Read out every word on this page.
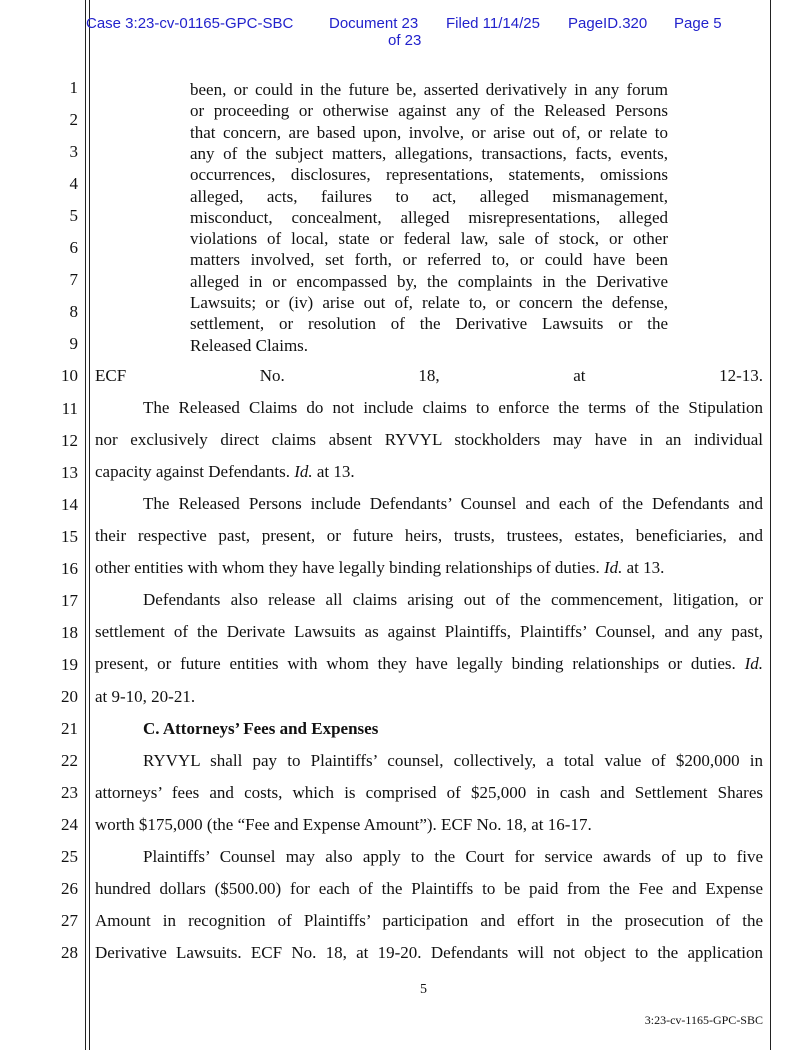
Case 3:23-cv-01165-GPC-SBC Document 23 Filed 11/14/25 PageID.320 Page 5
of 23
1
2
3
4
5
6
7
8
9
10
11
12
13
14
15
16
17
18
19
20
21
22
23
24
25
26
27
28
been, or could in the future be, asserted derivatively in any forum
or proceeding or otherwise against any of the Released Persons
that concern, are based upon, involve, or arise out of, or relate to
any of the subject matters, allegations, transactions, facts, events,
occurrences, disclosures, representations, statements, omissions
alleged, acts, failures to act, alleged mismanagement,
misconduct, concealment, alleged misrepresentations, alleged
violations of local, state or federal law, sale of stock, or other
matters involved, set forth, or referred to, or could have been
alleged in or encompassed by, the complaints in the Derivative
Lawsuits; or (iv) arise out of, relate to, or concern the defense,
settlement, or resolution of the Derivative Lawsuits or the
Released Claims.
ECF No. 18, at 12-13.
The Released Claims do not include claims to enforce the terms of the Stipulation
nor exclusively direct claims absent RYVYL stockholders may have in an individual
capacity against Defendants. Id. at 13.
The Released Persons include Defendants’ Counsel and each of the Defendants and
their respective past, present, or future heirs, trusts, trustees, estates, beneficiaries, and
other entities with whom they have legally binding relationships of duties. Id. at 13.
Defendants also release all claims arising out of the commencement, litigation, or
settlement of the Derivate Lawsuits as against Plaintiffs, Plaintiffs’ Counsel, and any past,
present, or future entities with whom they have legally binding relationships or duties. Id.
at 9-10, 20-21.
C. Attorneys’ Fees and Expenses
RYVYL shall pay to Plaintiffs’ counsel, collectively, a total value of $200,000 in
attorneys’ fees and costs, which is comprised of $25,000 in cash and Settlement Shares
worth $175,000 (the “Fee and Expense Amount”). ECF No. 18, at 16-17.
Plaintiffs’ Counsel may also apply to the Court for service awards of up to five
hundred dollars ($500.00) for each of the Plaintiffs to be paid from the Fee and Expense
Amount in recognition of Plaintiffs’ participation and effort in the prosecution of the
Derivative Lawsuits. ECF No. 18, at 19-20. Defendants will not object to the application
5
3:23-cv-1165-GPC-SBC
